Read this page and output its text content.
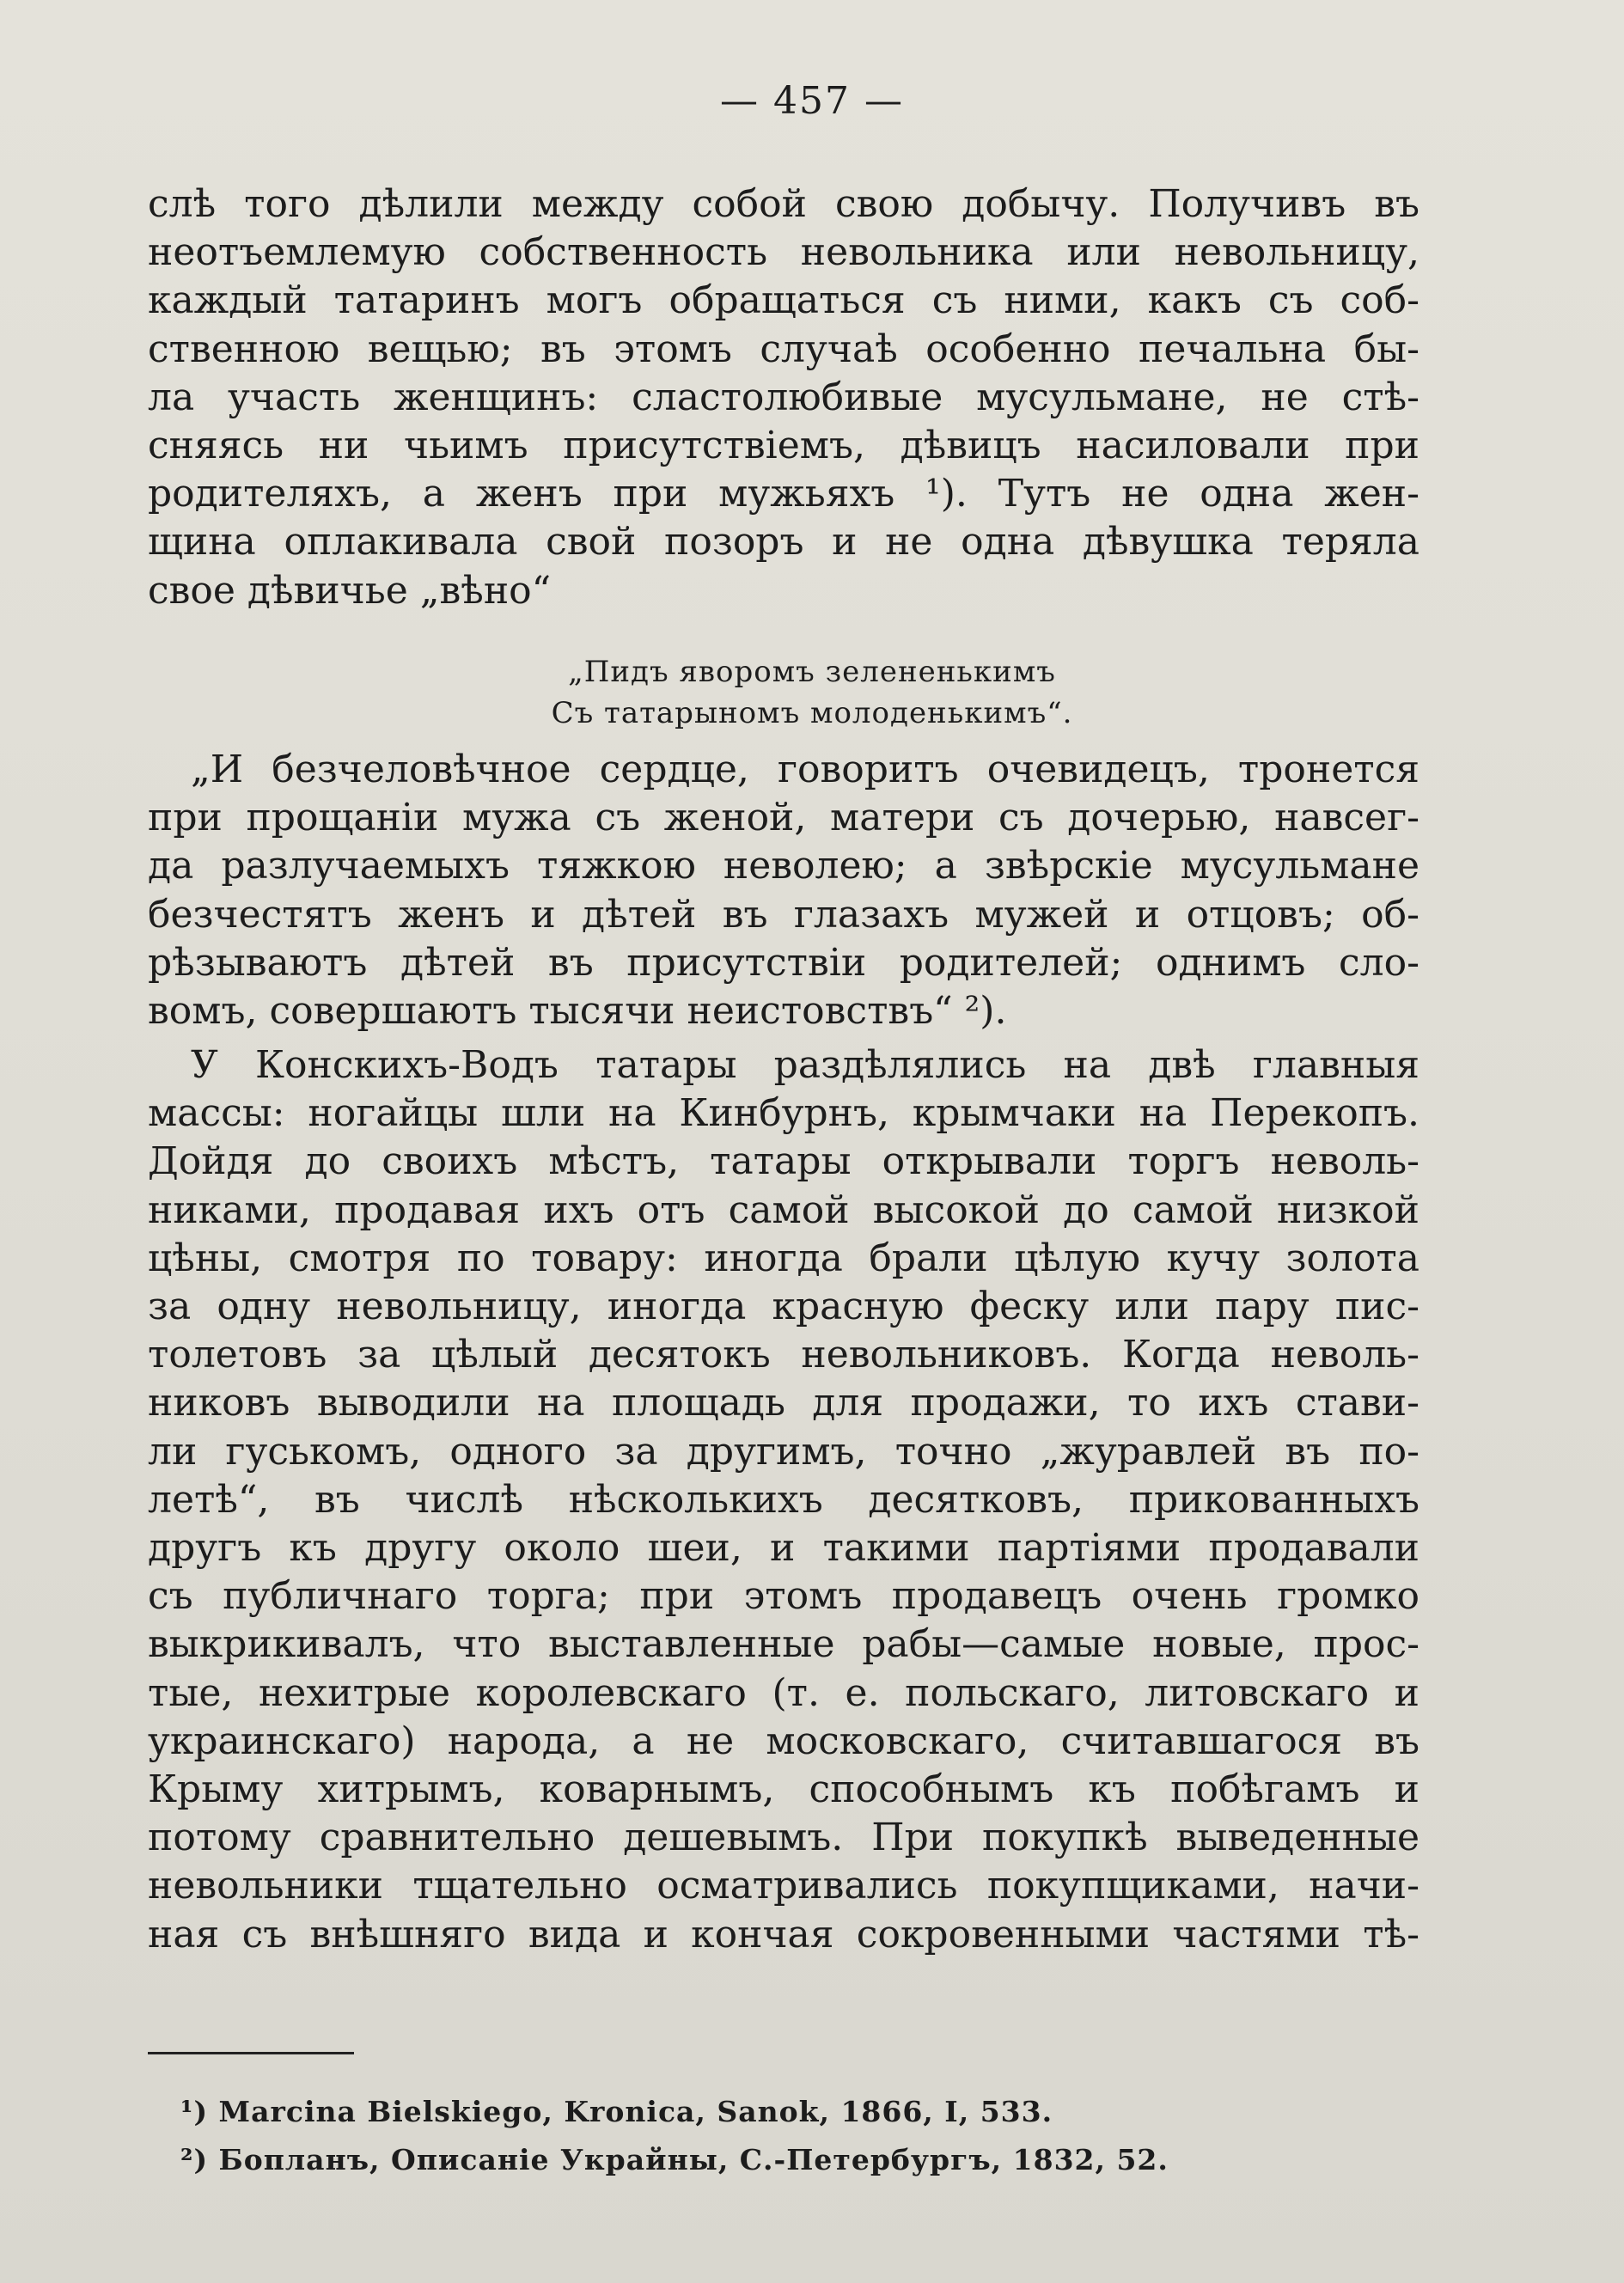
— 457 —
слѣ того дѣлили между собой свою добычу. Получивъ въ
неотъемлемую собственность невольника или невольницу,
каждый татаринъ могъ обращаться съ ними, какъ съ соб-
ственною вещью; въ этомъ случаѣ особенно печальна бы-
ла участь женщинъ: сластолюбивые мусульмане, не стѣ-
сняясь ни чьимъ присутствіемъ, дѣвицъ насиловали при
родителяхъ, а женъ при мужьяхъ ¹). Тутъ не одна жен-
щина оплакивала свой позоръ и не одна дѣвушка теряла
свое дѣвичье „вѣно“
„Пидъ яворомъ зелененькимъ
Съ татарыномъ молоденькимъ“.
„И безчеловѣчное сердце, говоритъ очевидецъ, тронется
при прощаніи мужа съ женой, матери съ дочерью, навсег-
да разлучаемыхъ тяжкою неволею; а звѣрскіе мусульмане
безчестятъ женъ и дѣтей въ глазахъ мужей и отцовъ; об-
рѣзываютъ дѣтей въ присутствіи родителей; однимъ сло-
вомъ, совершаютъ тысячи неистовствъ“ ²).
У Конскихъ-Водъ татары раздѣлялись на двѣ главныя
массы: ногайцы шли на Кинбурнъ, крымчаки на Перекопъ.
Дойдя до своихъ мѣстъ, татары открывали торгъ неволь-
никами, продавая ихъ отъ самой высокой до самой низкой
цѣны, смотря по товару: иногда брали цѣлую кучу золота
за одну невольницу, иногда красную феску или пару пис-
толетовъ за цѣлый десятокъ невольниковъ. Когда неволь-
никовъ выводили на площадь для продажи, то ихъ стави-
ли гуськомъ, одного за другимъ, точно „журавлей въ по-
летѣ“, въ числѣ нѣсколькихъ десятковъ, прикованныхъ
другъ къ другу около шеи, и такими партіями продавали
съ публичнаго торга; при этомъ продавецъ очень громко
выкрикивалъ, что выставленные рабы—самые новые, прос-
тые, нехитрые королевскаго (т. е. польскаго, литовскаго и
украинскаго) народа, а не московскаго, считавшагося въ
Крыму хитрымъ, коварнымъ, способнымъ къ побѣгамъ и
потому сравнительно дешевымъ. При покупкѣ выведенные
невольники тщательно осматривались покупщиками, начи-
ная съ внѣшняго вида и кончая сокровенными частями тѣ-
¹) Marcina Bielskiego, Kronica, Sanok, 1866, I, 533.
²) Бопланъ, Описаніе Украйны, С.-Петербургъ, 1832, 52.
